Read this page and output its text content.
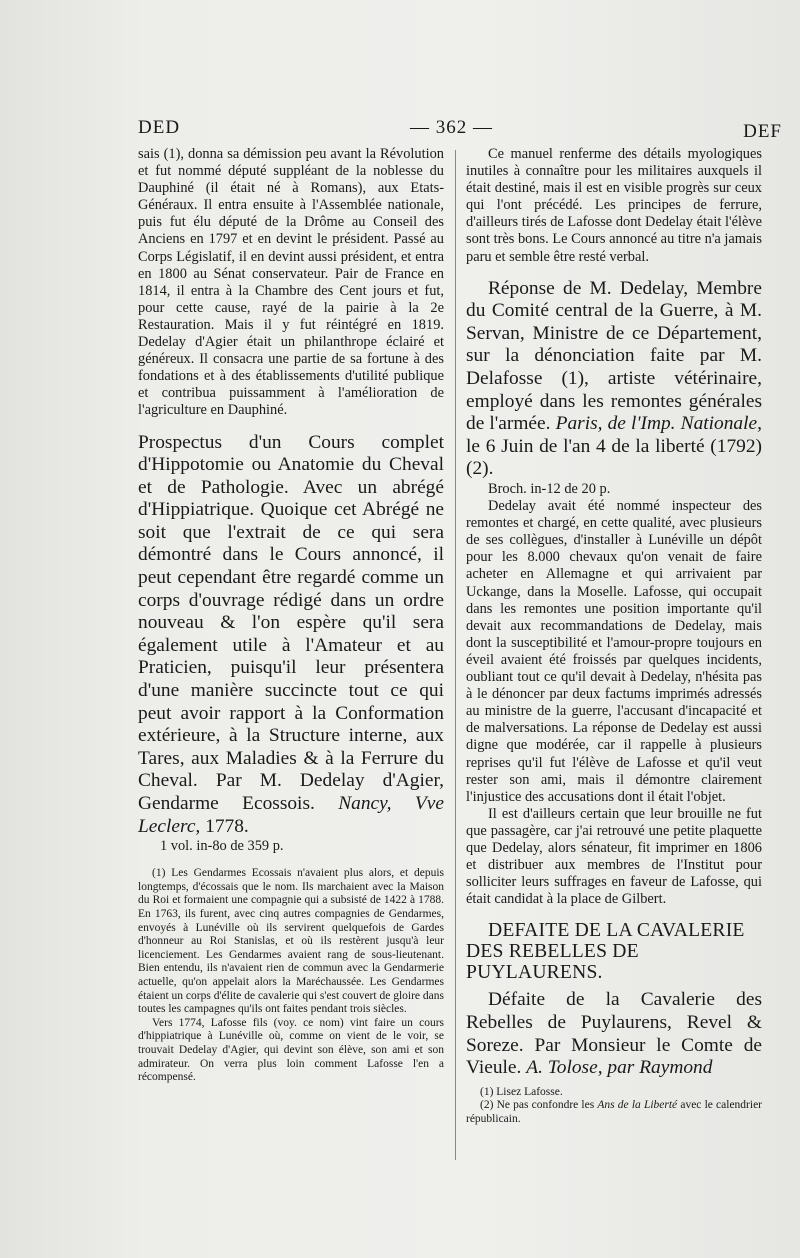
DED	— 362 —	DEF

sais (1), donna sa démission peu avant la Révolution et fut nommé député suppléant de la noblesse du Dauphiné (il était né à Romans), aux Etats-Généraux. Il entra ensuite à l'Assemblée nationale, puis fut élu député de la Drôme au Conseil des Anciens en 1797 et en devint le président. Passé au Corps Législatif, il en devint aussi président, et entra en 1800 au Sénat conservateur. Pair de France en 1814, il entra à la Chambre des Cent jours et fut, pour cette cause, rayé de la pairie à la 2e Restauration. Mais il y fut réintégré en 1819. Dedelay d'Agier était un philanthrope éclairé et généreux. Il consacra une partie de sa fortune à des fondations et à des établissements d'utilité publique et contribua puissamment à l'amélioration de l'agriculture en Dauphiné.

Prospectus d'un Cours complet d'Hippotomie ou Anatomie du Cheval et de Pathologie. Avec un abrégé d'Hippiatrique. Quoique cet Abrégé ne soit que l'extrait de ce qui sera démontré dans le Cours annoncé, il peut cependant être regardé comme un corps d'ouvrage rédigé dans un ordre nouveau & l'on espère qu'il sera également utile à l'Amateur et au Praticien, puisqu'il leur présentera d'une manière succincte tout ce qui peut avoir rapport à la Conformation extérieure, à la Structure interne, aux Tares, aux Maladies & à la Ferrure du Cheval. Par M. Dedelay d'Agier, Gendarme Ecossois. Nancy, Vve Leclerc, 1778.

1 vol. in-8o de 359 p.

(1) Les Gendarmes Ecossais n'avaient plus alors, et depuis longtemps, d'écossais que le nom. Ils marchaient avec la Maison du Roi et formaient une compagnie qui a subsisté de 1422 à 1788. En 1763, ils furent, avec cinq autres compagnies de Gendarmes, envoyés à Lunéville où ils servirent quelquefois de Gardes d'honneur au Roi Stanislas, et où ils restèrent jusqu'à leur licenciement. Les Gendarmes avaient rang de sous-lieutenant. Bien entendu, ils n'avaient rien de commun avec la Gendarmerie actuelle, qu'on appelait alors la Maréchaussée. Les Gendarmes étaient un corps d'élite de cavalerie qui s'est couvert de gloire dans toutes les campagnes qu'ils ont faites pendant trois siècles.

Vers 1774, Lafosse fils (voy. ce nom) vint faire un cours d'hippiatrique à Lunéville où, comme on vient de le voir, se trouvait Dedelay d'Agier, qui devint son élève, son ami et son admirateur. On verra plus loin comment Lafosse l'en a récompensé.

Ce manuel renferme des détails myologiques inutiles à connaître pour les militaires auxquels il était destiné, mais il est en visible progrès sur ceux qui l'ont précédé. Les principes de ferrure, d'ailleurs tirés de Lafosse dont Dedelay était l'élève sont très bons. Le Cours annoncé au titre n'a jamais paru et semble être resté verbal.

Réponse de M. Dedelay, Membre du Comité central de la Guerre, à M. Servan, Ministre de ce Département, sur la dénonciation faite par M. Delafosse (1), artiste vétérinaire, employé dans les remontes générales de l'armée. Paris, de l'Imp. Nationale, le 6 Juin de l'an 4 de la liberté (1792) (2).

Broch. in-12 de 20 p.

Dedelay avait été nommé inspecteur des remontes et chargé, en cette qualité, avec plusieurs de ses collègues, d'installer à Lunéville un dépôt pour les 8.000 chevaux qu'on venait de faire acheter en Allemagne et qui arrivaient par Uckange, dans la Moselle. Lafosse, qui occupait dans les remontes une position importante qu'il devait aux recommandations de Dedelay, mais dont la susceptibilité et l'amour-propre toujours en éveil avaient été froissés par quelques incidents, oubliant tout ce qu'il devait à Dedelay, n'hésita pas à le dénoncer par deux factums imprimés adressés au ministre de la guerre, l'accusant d'incapacité et de malversations. La réponse de Dedelay est aussi digne que modérée, car il rappelle à plusieurs reprises qu'il fut l'élève de Lafosse et qu'il veut rester son ami, mais il démontre clairement l'injustice des accusations dont il était l'objet.

Il est d'ailleurs certain que leur brouille ne fut que passagère, car j'ai retrouvé une petite plaquette que Dedelay, alors sénateur, fit imprimer en 1806 et distribuer aux membres de l'Institut pour solliciter leurs suffrages en faveur de Lafosse, qui était candidat à la place de Gilbert.

DEFAITE DE LA CAVALERIE DES REBELLES DE PUYLAURENS.

Défaite de la Cavalerie des Rebelles de Puylaurens, Revel & Soreze. Par Monsieur le Comte de Vieule. A. Tolose, par Raymond

(1) Lisez Lafosse.

(2) Ne pas confondre les Ans de la Liberté avec le calendrier républicain.
